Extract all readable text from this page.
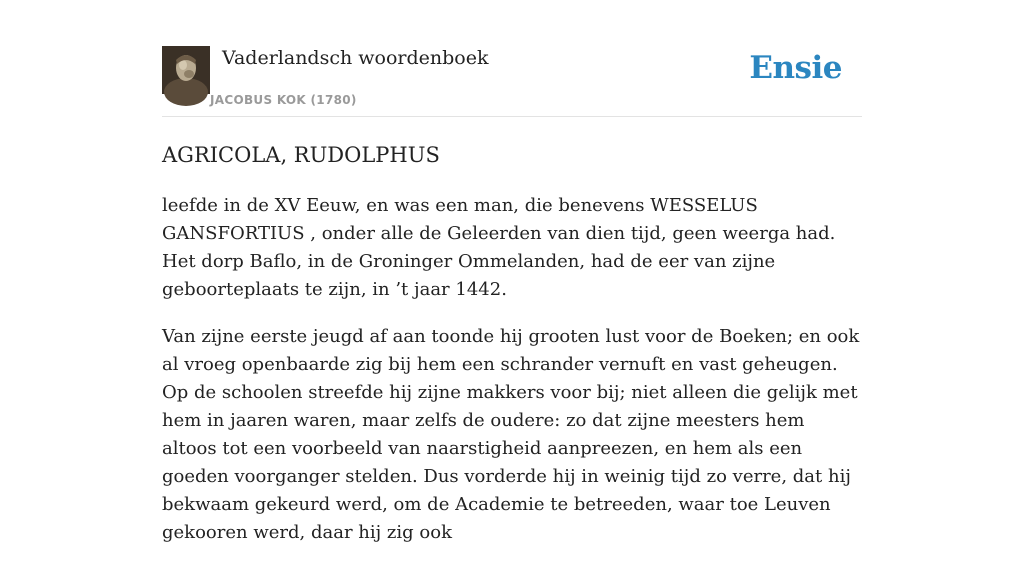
Vaderlandsch woordenboek
JACOBUS KOK (1780)
Ensie
AGRICOLA, RUDOLPHUS

leefde in de XV Eeuw, en was een man, die benevens WESSELUS GANSFORTIUS , onder alle de Geleerden van dien tijd, geen weerga had. Het dorp Baflo, in de Groninger Ommelanden, had de eer van zijne geboorteplaats te zijn, in ’t jaar 1442.

Van zijne eerste jeugd af aan toonde hij grooten lust voor de Boeken; en ook al vroeg openbaarde zig bij hem een schrander vernuft en vast geheugen. Op de schoolen streefde hij zijne makkers voor bij; niet alleen die gelijk met hem in jaaren waren, maar zelfs de oudere: zo dat zijne meesters hem altoos tot een voorbeeld van naarstigheid aanpreezen, en hem als een goeden voorganger stelden. Dus vorderde hij in weinig tijd zo verre, dat hij bekwaam gekeurd werd, om de Academie te betreeden, waar toe Leuven gekooren werd, daar hij zig ook
